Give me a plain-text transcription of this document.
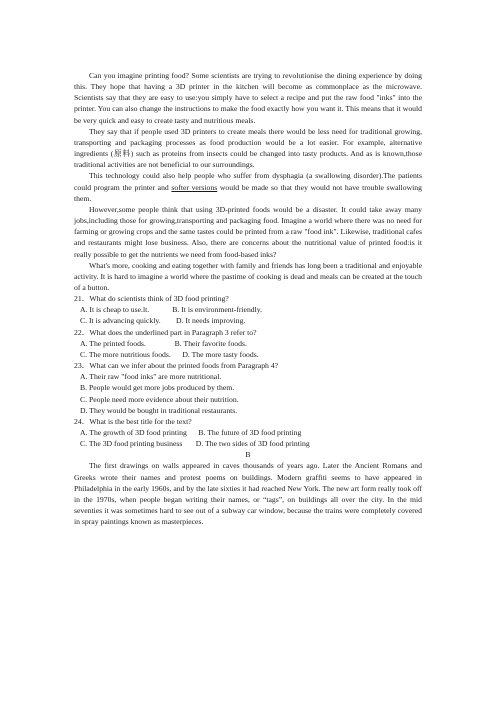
Can you imagine printing food? Some scientists are trying to revolutionise the dining experience by doing this. They hope that having a 3D printer in the kitchen will become as commonplace as the microwave. Scientists say that they are easy to use:you simply have to select a recipe and put the raw food "inks" into the printer. You can also change the instructions to make the food exactly how you want it. This means that it would be very quick and easy to create tasty and nutritious meals.

They say that if people used 3D printers to create meals there would be less need for traditional growing, transporting and packaging processes as food production would be a lot easier. For example, alternative ingredients (原料) such as proteins from insects could be changed into tasty products. And as is known,those traditional activities are not beneficial to our surroundings.

This technology could also help people who suffer from dysphagia (a swallowing disorder).The patients could program the printer and softer versions would be made so that they would not have trouble swallowing them.

However,some people think that using 3D-printed foods would be a disaster. It could take away many jobs,including those for growing,transporting and packaging food. Imagine a world where there was no need for farming or growing crops and the same tastes could be printed from a raw "food ink". Likewise, traditional cafes and restaurants might lose business. Also, there are concerns about the nutritional value of printed food:is it really possible to get the nutrients we need from food-based inks?

What's more, cooking and eating together with family and friends has long been a traditional and enjoyable activity. It is hard to imagine a world where the pastime of cooking is dead and meals can be created at the touch of a button.

21．What do scientists think of 3D food printing?

A. It is cheap to use.lt.            B. It is environment-friendly.

C. It is advancing quickly.        D. It needs improving.

22．What does the underlined part in Paragraph 3 refer to?

A. The printed foods.               B. Their favorite foods.

C. The more nutritious foods.      D. The more tasty foods.

23．What can we infer about the printed foods from Paragraph 4?

A. Their raw "food inks" are more nutritional.

B. People would get more jobs produced by them.

C. People need more evidence about their nutrition.

D. They would be bought in traditional restaurants.

24．What is the best title for the text?

A. The growth of 3D food printing      B. The future of 3D food printing

C. The 3D food printing business       D. The two sides of 3D food printing

B

The first drawings on walls appeared in caves thousands of years ago. Later the Ancient Romans and Greeks wrote their names and protest poems on buildings. Modern graffiti seems to have appeared in Philadelphia in the early 1960s, and by the late sixties it had reached New York. The new art form really took off in the 1970s, when people began writing their names, or “tags”, on buildings all over the city. In the mid seventies it was sometimes hard to see out of a subway car window, because the trains were completely covered in spray paintings known as masterpieces.
